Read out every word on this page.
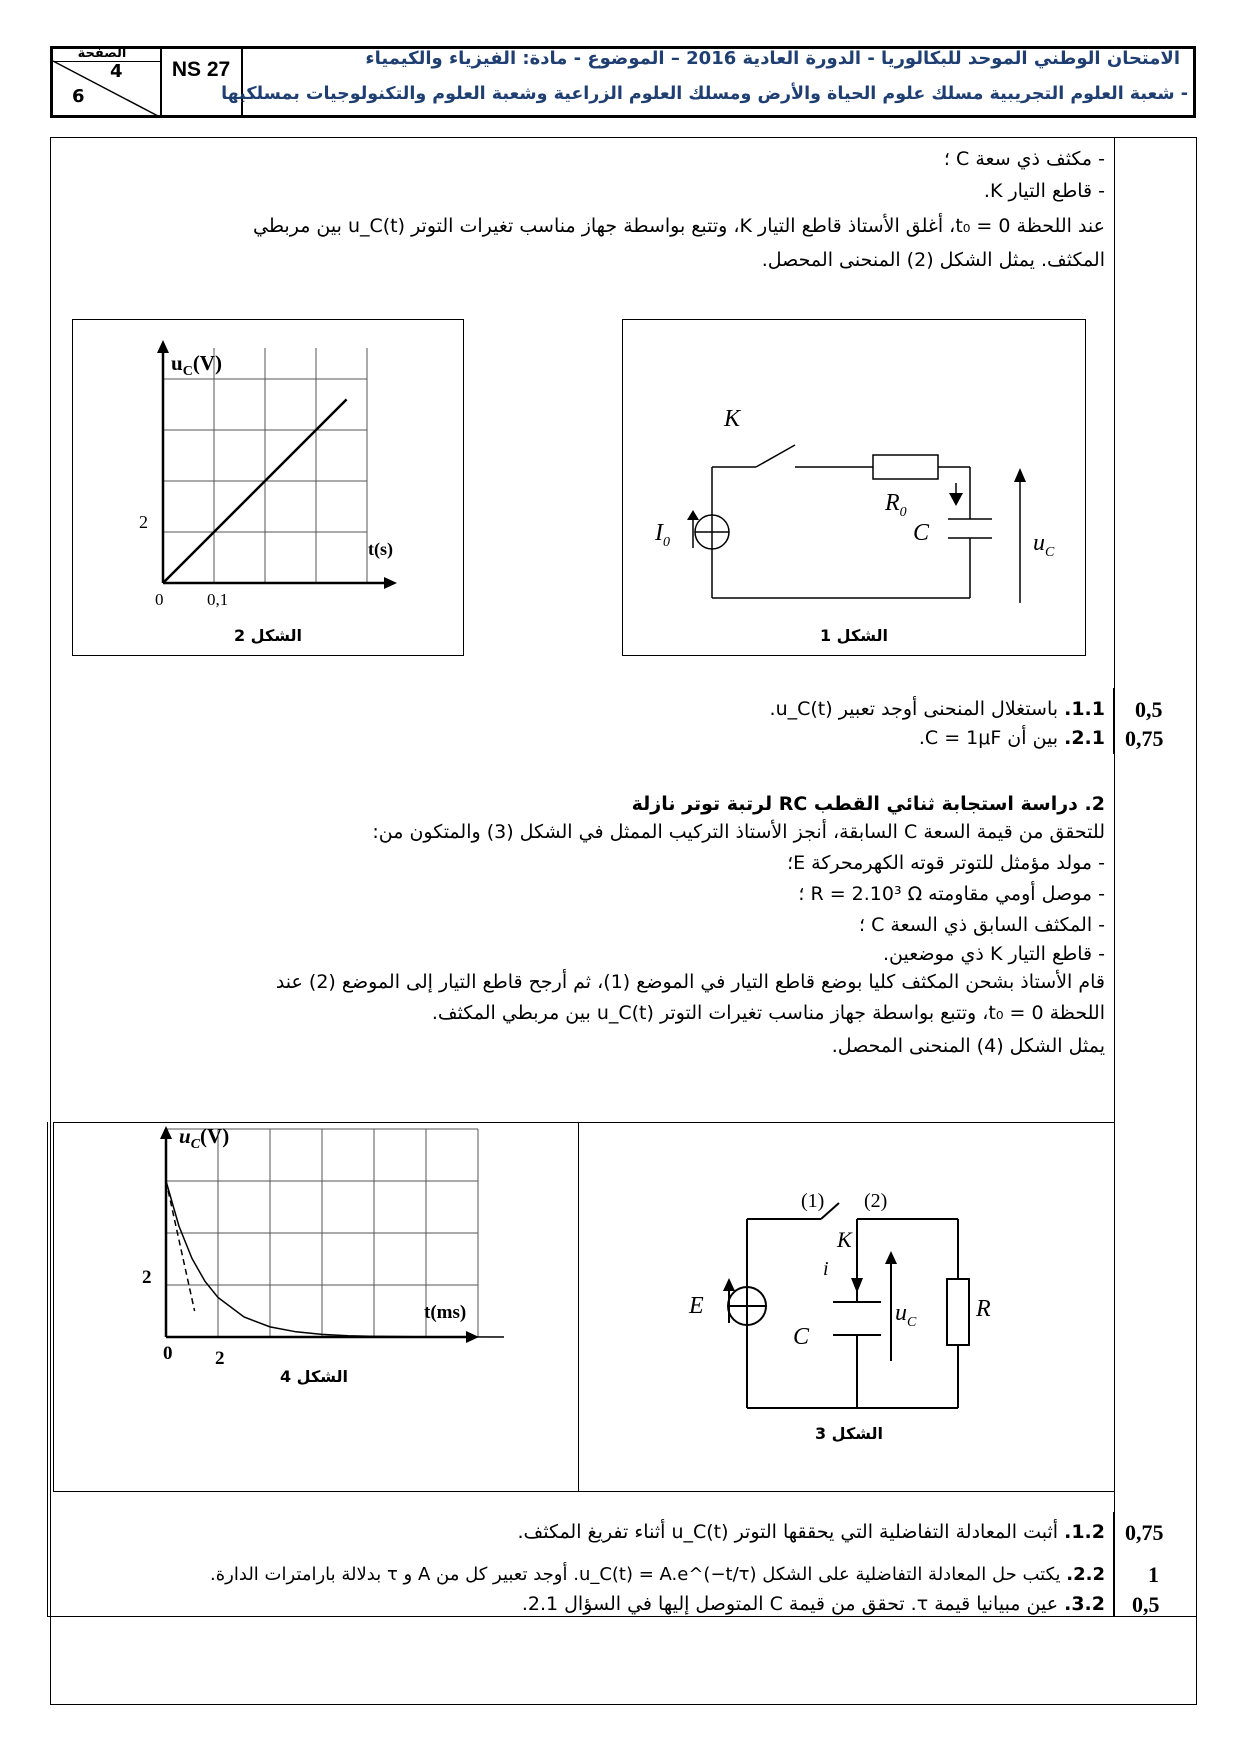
الصفحة
4
6
NS 27	الامتحان الوطني الموحد للبكالوريا - الدورة العادية 2016 – الموضوع - مادة: الفيزياء والكيمياء
- شعبة العلوم التجريبية مسلك علوم الحياة والأرض ومسلك العلوم الزراعية وشعبة العلوم والتكنولوجيات بمسلكيها
- مكثف ذي سعة C ؛
- قاطع التيار K.
عند اللحظة t₀ = 0، أغلق الأستاذ قاطع التيار K، وتتبع بواسطة جهاز مناسب تغيرات التوتر u_C(t) بين مربطي
المكثف. يمثل الشكل (2) المنحنى المحصل.
$u_C(V)$
t(s)
2
0	0,1
الشكل 2
K
$R_0$
C
$I_0$	$u_C$
الشكل 1
1.1. باستغلال المنحنى أوجد تعبير u_C(t).	0,5
2.1. بين أن C = 1μF.	0,75
2. دراسة استجابة ثنائي القطب RC لرتبة توتر نازلة
للتحقق من قيمة السعة C السابقة، أنجز الأستاذ التركيب الممثل في الشكل (3) والمتكون من:
- مولد مؤمثل للتوتر قوته الكهرمحركة E؛
- موصل أومي مقاومته R = 2.10³ Ω ؛
- المكثف السابق ذي السعة C ؛
- قاطع التيار K ذي موضعين.
قام الأستاذ بشحن المكثف كليا بوضع قاطع التيار في الموضع (1)، ثم أرجح قاطع التيار إلى الموضع (2) عند
اللحظة t₀ = 0، وتتبع بواسطة جهاز مناسب تغيرات التوتر u_C(t) بين مربطي المكثف.
يمثل الشكل (4) المنحنى المحصل.
$u_C(V)$
t(ms)
2
0 2
الشكل 4
(1) (2)
K
i
E
C
R
$u_C$
الشكل 3
1.2. أثبت المعادلة التفاضلية التي يحققها التوتر u_C(t) أثناء تفريغ المكثف.	0,75
2.2. يكتب حل المعادلة التفاضلية على الشكل u_C(t) = A.e^(−t/τ). أوجد تعبير كل من A و τ بدلالة بارامترات الدارة.	1
3.2. عين مبيانيا قيمة τ. تحقق من قيمة C المتوصل إليها في السؤال 2.1.	0,5
